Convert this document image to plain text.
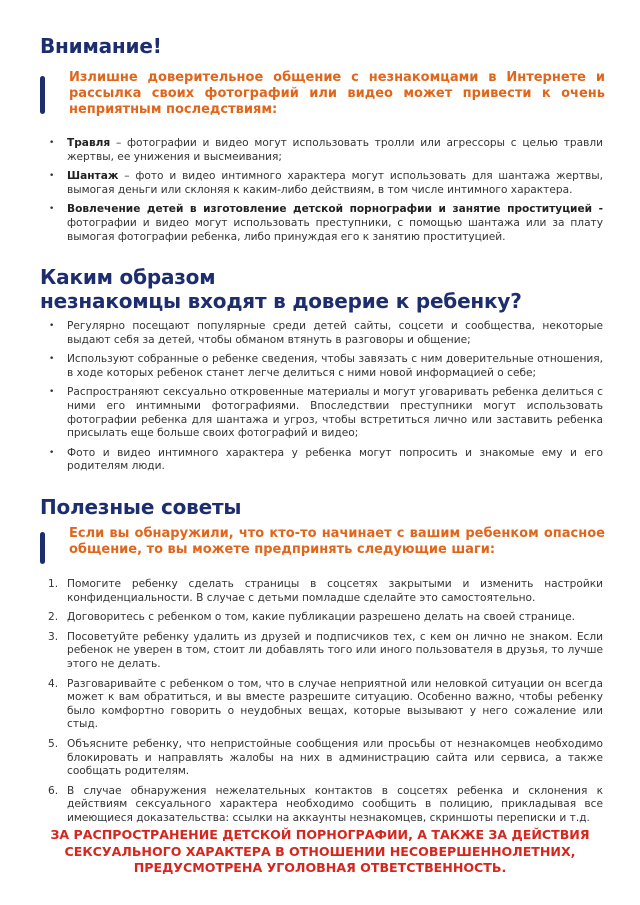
Внимание!
Излишне доверительное общение с незнакомцами в Интернете и рассылка своих фотографий или видео может привести к очень неприятным последствиям:
• Травля – фотографии и видео могут использовать тролли или агрессоры с целью травли жертвы, ее унижения и высмеивания;
• Шантаж – фото и видео интимного характера могут использовать для шантажа жертвы, вымогая деньги или склоняя к каким-либо действиям, в том числе интимного характера.
• Вовлечение детей в изготовление детской порнографии и занятие проституцией - фотографии и видео могут использовать преступники, с помощью шантажа или за плату вымогая фотографии ребенка, либо принуждая его к занятию проституцией.
Каким образом
незнакомцы входят в доверие к ребенку?
• Регулярно посещают популярные среди детей сайты, соцсети и сообщества, некоторые выдают себя за детей, чтобы обманом втянуть в разговоры и общение;
• Используют собранные о ребенке сведения, чтобы завязать с ним доверительные отношения, в ходе которых ребенок станет легче делиться с ними новой информацией о себе;
• Распространяют сексуально откровенные материалы и могут уговаривать ребенка делиться с ними его интимными фотографиями. Впоследствии преступники могут использовать фотографии ребенка для шантажа и угроз, чтобы встретиться лично или заставить ребенка присылать еще больше своих фотографий и видео;
• Фото и видео интимного характера у ребенка могут попросить и знакомые ему и его родителям люди.
Полезные советы
Если вы обнаружили, что кто-то начинает с вашим ребенком опасное общение, то вы можете предпринять следующие шаги:
1. Помогите ребенку сделать страницы в соцсетях закрытыми и изменить настройки конфиденциальности. В случае с детьми помладше сделайте это самостоятельно.
2. Договоритесь с ребенком о том, какие публикации разрешено делать на своей странице.
3. Посоветуйте ребенку удалить из друзей и подписчиков тех, с кем он лично не знаком. Если ребенок не уверен в том, стоит ли добавлять того или иного пользователя в друзья, то лучше этого не делать.
4. Разговаривайте с ребенком о том, что в случае неприятной или неловкой ситуации он всегда может к вам обратиться, и вы вместе разрешите ситуацию. Особенно важно, чтобы ребенку было комфортно говорить о неудобных вещах, которые вызывают у него сожаление или стыд.
5. Объясните ребенку, что непристойные сообщения или просьбы от незнакомцев необходимо блокировать и направлять жалобы на них в администрацию сайта или сервиса, а также сообщать родителям.
6. В случае обнаружения нежелательных контактов в соцсетях ребенка и склонения к действиям сексуального характера необходимо сообщить в полицию, прикладывая все имеющиеся доказательства: ссылки на аккаунты незнакомцев, скриншоты переписки и т.д.

ЗА РАСПРОСТРАНЕНИЕ ДЕТСКОЙ ПОРНОГРАФИИ, А ТАКЖЕ ЗА ДЕЙСТВИЯ
СЕКСУАЛЬНОГО ХАРАКТЕРА В ОТНОШЕНИИ НЕСОВЕРШЕННОЛЕТНИХ,
ПРЕДУСМОТРЕНА УГОЛОВНАЯ ОТВЕТСТВЕННОСТЬ.
